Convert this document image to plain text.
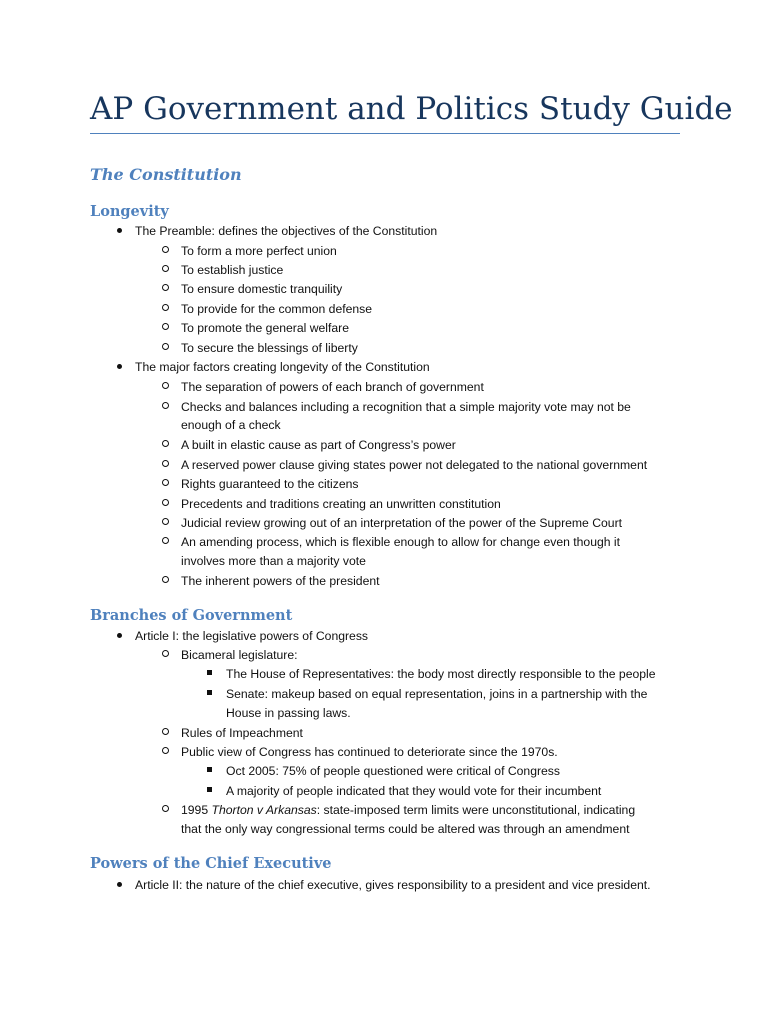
AP Government and Politics Study Guide
The Constitution
Longevity
The Preamble: defines the objectives of the Constitution
To form a more perfect union
To establish justice
To ensure domestic tranquility
To provide for the common defense
To promote the general welfare
To secure the blessings of liberty
The major factors creating longevity of the Constitution
The separation of powers of each branch of government
Checks and balances including a recognition that a simple majority vote may not be
enough of a check
A built in elastic cause as part of Congress’s power
A reserved power clause giving states power not delegated to the national government
Rights guaranteed to the citizens
Precedents and traditions creating an unwritten constitution
Judicial review growing out of an interpretation of the power of the Supreme Court
An amending process, which is flexible enough to allow for change even though it
involves more than a majority vote
The inherent powers of the president
Branches of Government
Article I: the legislative powers of Congress
Bicameral legislature:
The House of Representatives: the body most directly responsible to the people
Senate: makeup based on equal representation, joins in a partnership with the
House in passing laws.
Rules of Impeachment
Public view of Congress has continued to deteriorate since the 1970s.
Oct 2005: 75% of people questioned were critical of Congress
A majority of people indicated that they would vote for their incumbent
1995 Thorton v Arkansas: state-imposed term limits were unconstitutional, indicating
that the only way congressional terms could be altered was through an amendment
Powers of the Chief Executive
Article II: the nature of the chief executive, gives responsibility to a president and vice president.
